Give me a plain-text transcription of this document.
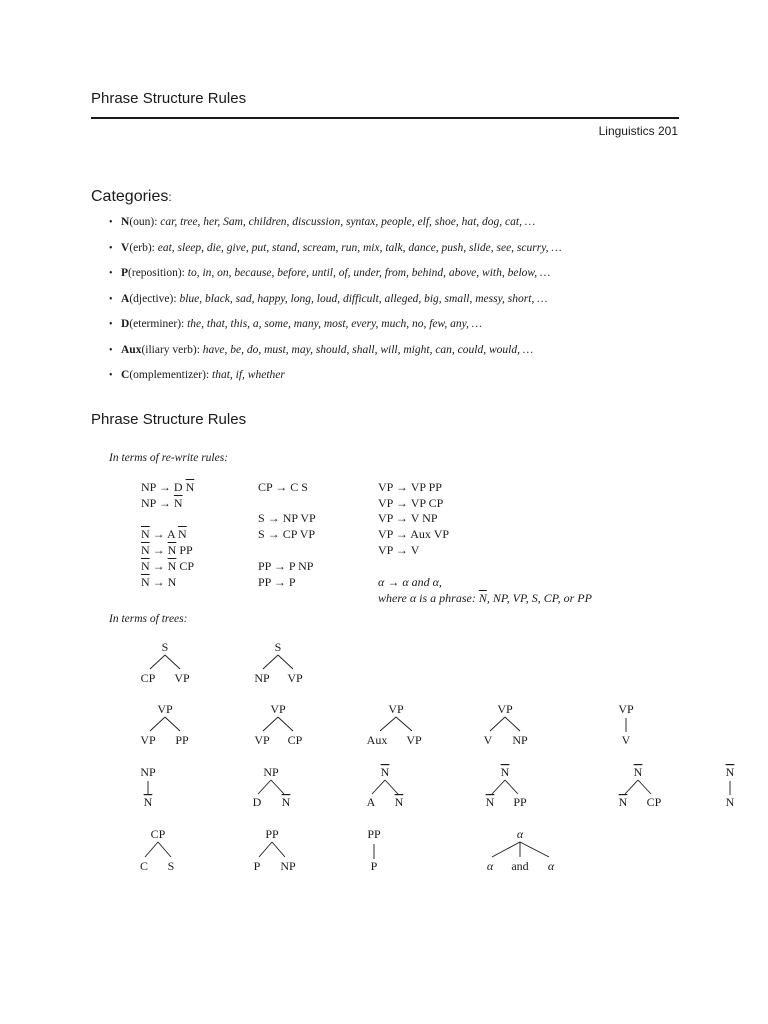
Phrase Structure Rules
Linguistics 201
Categories:
• N(oun): car, tree, her, Sam, children, discussion, syntax, people, elf, shoe, hat, dog, cat, …
• V(erb): eat, sleep, die, give, put, stand, scream, run, mix, talk, dance, push, slide, see, scurry, …
• P(reposition): to, in, on, because, before, until, of, under, from, behind, above, with, below, …
• A(djective): blue, black, sad, happy, long, loud, difficult, alleged, big, small, messy, short, …
• D(eterminer): the, that, this, a, some, many, most, every, much, no, few, any, …
• Aux(iliary verb): have, be, do, must, may, should, shall, will, might, can, could, would, …
• C(omplementizer): that, if, whether
Phrase Structure Rules
In terms of re-write rules:
NP → D $\overline{N}$
NP → $\overline{N}$
$\overline{N} \to A$ $\overline{N}$
$\overline{N} \to \overline{N}$ PP
$\overline{N} \to \overline{N}$ CP
$\overline{N} \to N$
CP → C S
S → NP VP
S → CP VP
PP → P NP
PP → P
VP → VP PP
VP → VP CP
VP → V NP
VP → Aux VP
VP → V
α → α and α,
where α is a phrase: $\overline{N}$, NP, VP, S, CP, or PP
In terms of trees:
S
CP VP
S
NP VP
VP
VP PP
VP
VP CP
VP
Aux VP
VP
V NP
VP
V
NP
N
NP
D N
N
A N
N
N PP
N
N CP
N
N
CP
C S
PP
P NP
PP
P
α
α and α
